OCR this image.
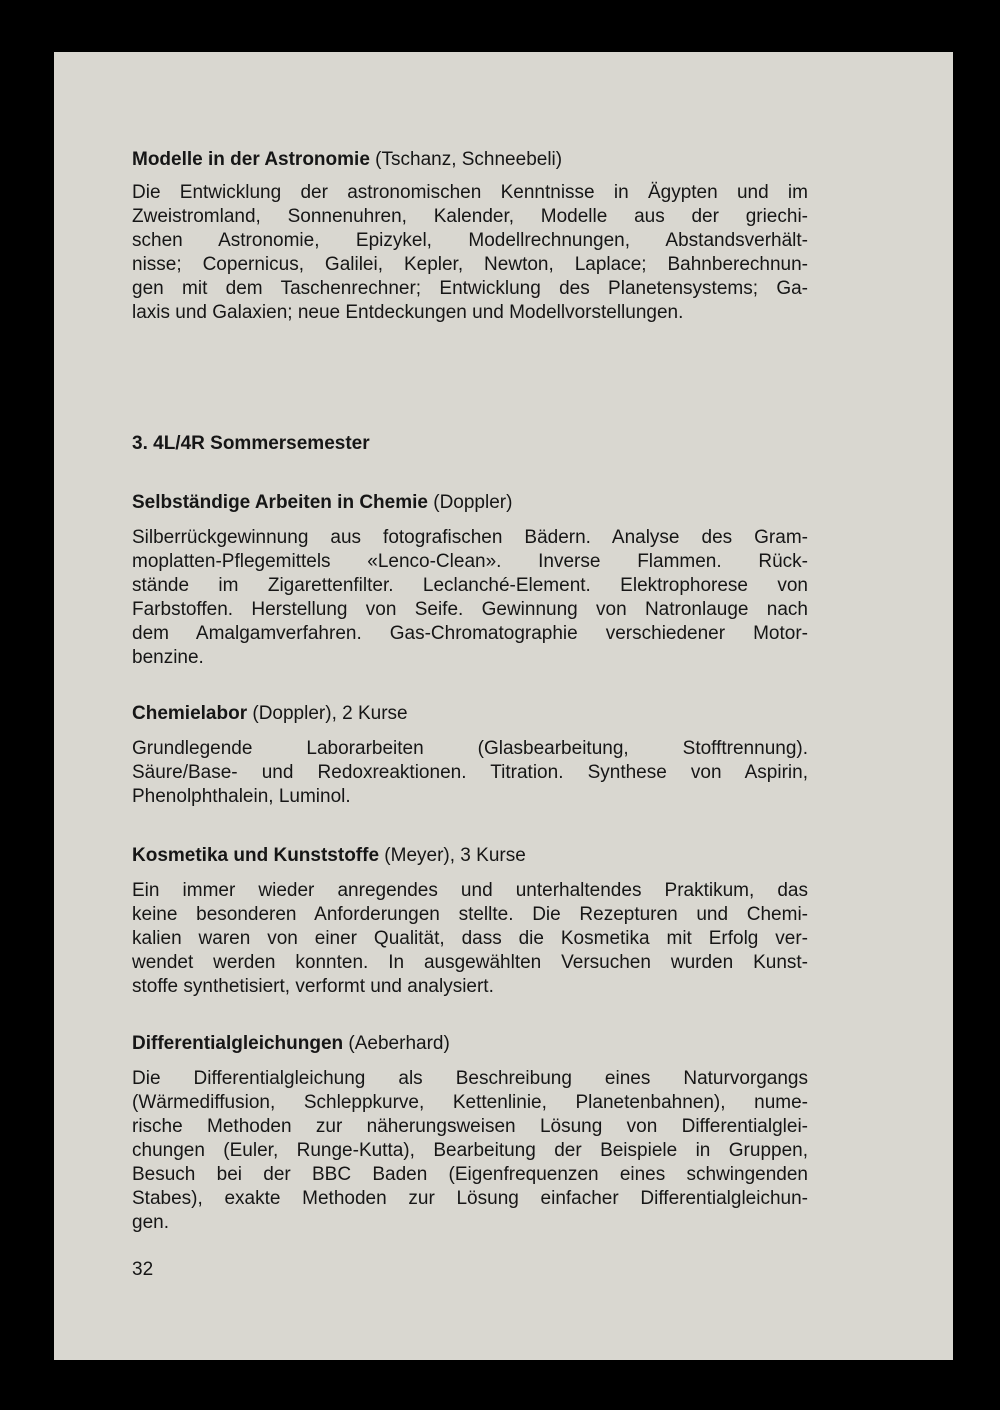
Modelle in der Astronomie (Tschanz, Schneebeli)

Die Entwicklung der astronomischen Kenntnisse in Ägypten und im
Zweistromland, Sonnenuhren, Kalender, Modelle aus der griechi-
schen Astronomie, Epizykel, Modellrechnungen, Abstandsverhält-
nisse; Copernicus, Galilei, Kepler, Newton, Laplace; Bahnberechnun-
gen mit dem Taschenrechner; Entwicklung des Planetensystems; Ga-
laxis und Galaxien; neue Entdeckungen und Modellvorstellungen.

3. 4L/4R Sommersemester

Selbständige Arbeiten in Chemie (Doppler)

Silberrückgewinnung aus fotografischen Bädern. Analyse des Gram-
moplatten-Pflegemittels «Lenco-Clean». Inverse Flammen. Rück-
stände im Zigarettenfilter. Leclanché-Element. Elektrophorese von
Farbstoffen. Herstellung von Seife. Gewinnung von Natronlauge nach
dem Amalgamverfahren. Gas-Chromatographie verschiedener Motor-
benzine.

Chemielabor (Doppler), 2 Kurse

Grundlegende Laborarbeiten (Glasbearbeitung, Stofftrennung).
Säure/Base- und Redoxreaktionen. Titration. Synthese von Aspirin,
Phenolphthalein, Luminol.

Kosmetika und Kunststoffe (Meyer), 3 Kurse

Ein immer wieder anregendes und unterhaltendes Praktikum, das
keine besonderen Anforderungen stellte. Die Rezepturen und Chemi-
kalien waren von einer Qualität, dass die Kosmetika mit Erfolg ver-
wendet werden konnten. In ausgewählten Versuchen wurden Kunst-
stoffe synthetisiert, verformt und analysiert.

Differentialgleichungen (Aeberhard)

Die Differentialgleichung als Beschreibung eines Naturvorgangs
(Wärmediffusion, Schleppkurve, Kettenlinie, Planetenbahnen), nume-
rische Methoden zur näherungsweisen Lösung von Differentialglei-
chungen (Euler, Runge-Kutta), Bearbeitung der Beispiele in Gruppen,
Besuch bei der BBC Baden (Eigenfrequenzen eines schwingenden
Stabes), exakte Methoden zur Lösung einfacher Differentialgleichun-
gen.
32
